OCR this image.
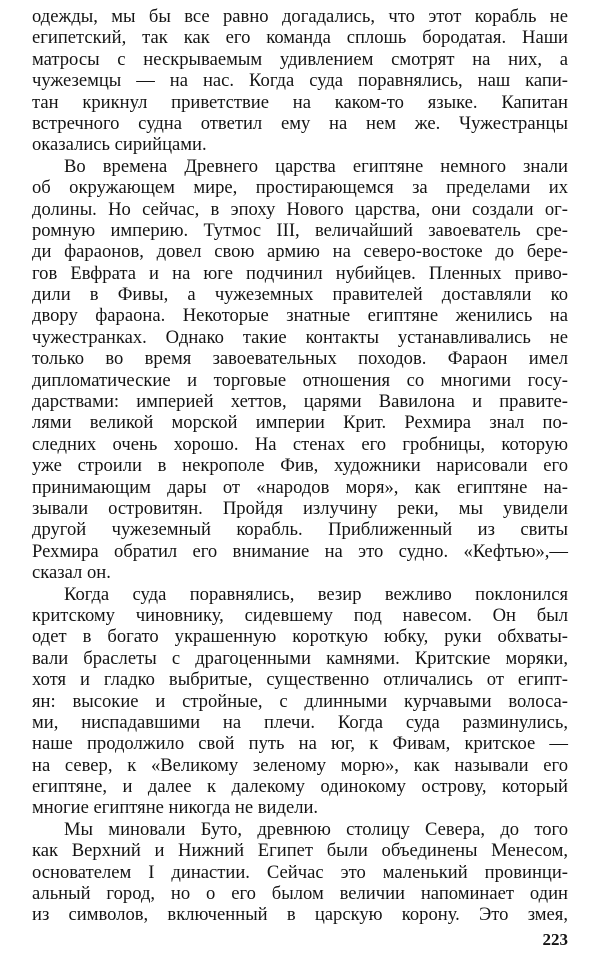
одежды, мы бы все равно догадались, что этот корабль не
египетский, так как его команда сплошь бородатая. Наши
матросы с нескрываемым удивлением смотрят на них, а
чужеземцы — на нас. Когда суда поравнялись, наш капи-
тан крикнул приветствие на каком-то языке. Капитан
встречного судна ответил ему на нем же. Чужестранцы
оказались сирийцами.
Во времена Древнего царства египтяне немного знали
об окружающем мире, простирающемся за пределами их
долины. Но сейчас, в эпоху Нового царства, они создали ог-
ромную империю. Тутмос III, величайший завоеватель сре-
ди фараонов, довел свою армию на северо-востоке до бере-
гов Евфрата и на юге подчинил нубийцев. Пленных приво-
дили в Фивы, а чужеземных правителей доставляли ко
двору фараона. Некоторые знатные египтяне женились на
чужестранках. Однако такие контакты устанавливались не
только во время завоевательных походов. Фараон имел
дипломатические и торговые отношения со многими госу-
дарствами: империей хеттов, царями Вавилона и правите-
лями великой морской империи Крит. Рехмира знал по-
следних очень хорошо. На стенах его гробницы, которую
уже строили в некрополе Фив, художники нарисовали его
принимающим дары от «народов моря», как египтяне на-
зывали островитян. Пройдя излучину реки, мы увидели
другой чужеземный корабль. Приближенный из свиты
Рехмира обратил его внимание на это судно. «Кефтью»,—
сказал он.
Когда суда поравнялись, везир вежливо поклонился
критскому чиновнику, сидевшему под навесом. Он был
одет в богато украшенную короткую юбку, руки обхваты-
вали браслеты с драгоценными камнями. Критские моряки,
хотя и гладко выбритые, существенно отличались от египт-
ян: высокие и стройные, с длинными курчавыми волоса-
ми, ниспадавшими на плечи. Когда суда разминулись,
наше продолжило свой путь на юг, к Фивам, критское —
на север, к «Великому зеленому морю», как называли его
египтяне, и далее к далекому одинокому острову, который
многие египтяне никогда не видели.
Мы миновали Буто, древнюю столицу Севера, до того
как Верхний и Нижний Египет были объединены Менесом,
основателем I династии. Сейчас это маленький провинци-
альный город, но о его былом величии напоминает один
из символов, включенный в царскую корону. Это змея,
223
